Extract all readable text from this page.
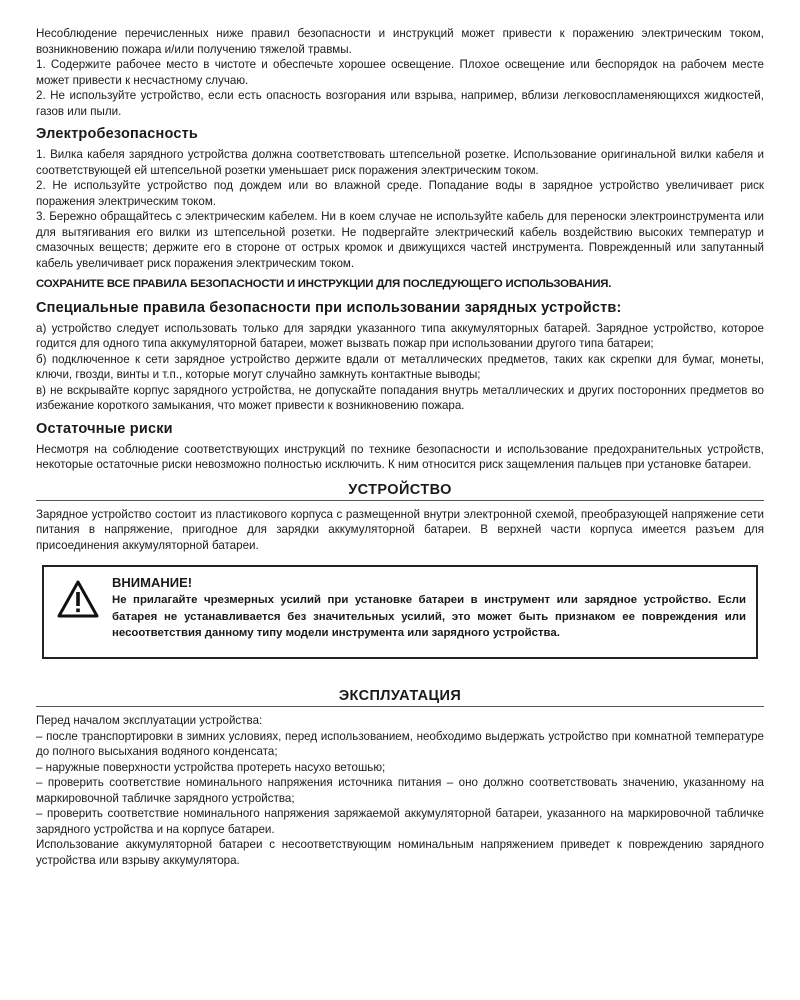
Несоблюдение перечисленных ниже правил безопасности и инструкций может привести к поражению электрическим током, возникновению пожара и/или получению тяжелой травмы.

1. Содержите рабочее место в чистоте и обеспечьте хорошее освещение. Плохое освещение или беспорядок на рабочем месте может привести к несчастному случаю.

2. Не используйте устройство, если есть опасность возгорания или взрыва, например, вблизи легковоспламеняющихся жидкостей, газов или пыли.

Электробезопасность

1. Вилка кабеля зарядного устройства должна соответствовать штепсельной розетке. Использование оригинальной вилки кабеля и соответствующей ей штепсельной розетки уменьшает риск поражения электрическим током.

2. Не используйте устройство под дождем или во влажной среде. Попадание воды в зарядное устройство увеличивает риск поражения электрическим током.

3. Бережно обращайтесь с электрическим кабелем. Ни в коем случае не используйте кабель для переноски электроинструмента или для вытягивания его вилки из штепсельной розетки. Не подвергайте электрический кабель воздействию высоких температур и смазочных веществ; держите его в стороне от острых кромок и движущихся частей инструмента. Поврежденный или запутанный кабель увеличивает риск поражения электрическим током.

СОХРАНИТЕ ВСЕ ПРАВИЛА БЕЗОПАСНОСТИ И ИНСТРУКЦИИ ДЛЯ ПОСЛЕДУЮЩЕГО ИСПОЛЬЗОВАНИЯ.

Специальные правила безопасности при использовании зарядных устройств:

а) устройство следует использовать только для зарядки указанного типа аккумуляторных батарей. Зарядное устройство, которое годится для одного типа аккумуляторной батареи, может вызвать пожар при использовании другого типа батареи;

б) подключенное к сети зарядное устройство держите вдали от металлических предметов, таких как скрепки для бумаг, монеты, ключи, гвозди, винты и т.п., которые могут случайно замкнуть контактные выводы;

в) не вскрывайте корпус зарядного устройства, не допускайте попадания внутрь металлических и других посторонних предметов во избежание короткого замыкания, что может привести к возникновению пожара.

Остаточные риски

Несмотря на соблюдение соответствующих инструкций по технике безопасности и использование предохранительных устройств, некоторые остаточные риски невозможно полностью исключить. К ним относится риск защемления пальцев при установке батареи.

УСТРОЙСТВО

Зарядное устройство состоит из пластикового корпуса с размещенной внутри электронной схемой, преобразующей напряжение сети питания в напряжение, пригодное для зарядки аккумуляторной батареи. В верхней части корпуса имеется разъем для присоединения аккумуляторной батареи.

ВНИМАНИЕ!

Не прилагайте чрезмерных усилий при установке батареи в инструмент или зарядное устройство. Если батарея не устанавливается без значительных усилий, это может быть признаком ее повреждения или несоответствия данному типу модели инструмента или зарядного устройства.

ЭКСПЛУАТАЦИЯ

Перед началом эксплуатации устройства:

– после транспортировки в зимних условиях, перед использованием, необходимо выдержать устройство при комнатной температуре до полного высыхания водяного конденсата;

– наружные поверхности устройства протереть насухо ветошью;

– проверить соответствие номинального напряжения источника питания – оно должно соответствовать значению, указанному на маркировочной табличке зарядного устройства;

– проверить соответствие номинального напряжения заряжаемой аккумуляторной батареи, указанного на маркировочной табличке зарядного устройства и на корпусе батареи.

Использование аккумуляторной батареи с несоответствующим номинальным напряжением приведет к повреждению зарядного устройства или взрыву аккумулятора.
